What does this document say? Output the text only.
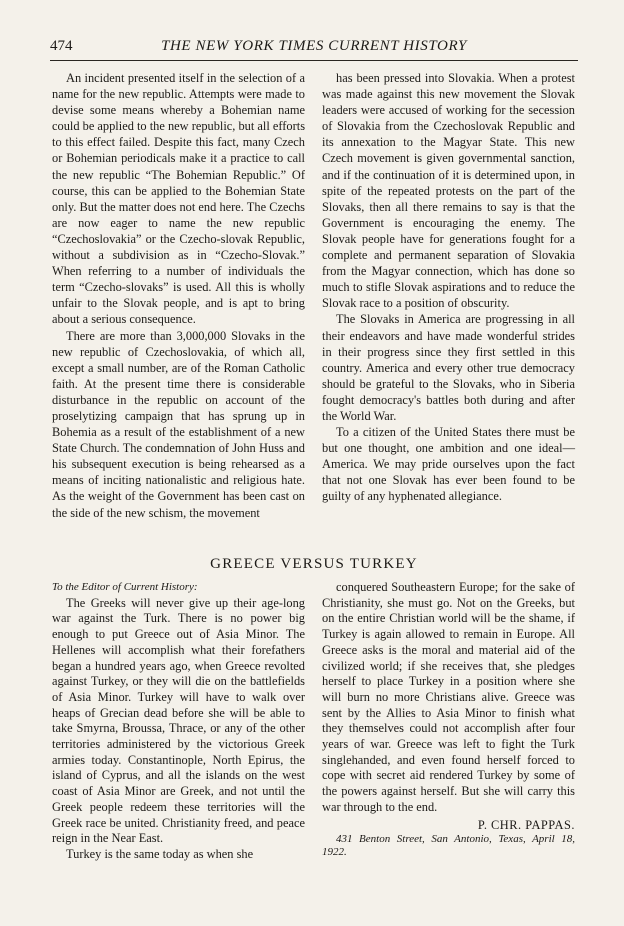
474	THE NEW YORK TIMES CURRENT HISTORY

An incident presented itself in the selection of a name for the new republic. Attempts were made to devise some means whereby a Bohemian name could be applied to the new republic, but all efforts to this effect failed. Despite this fact, many Czech or Bohemian periodicals make it a practice to call the new republic “The Bohemian Republic.” Of course, this can be applied to the Bohemian State only. But the matter does not end here. The Czechs are now eager to name the new republic “Czechoslovakia” or the Czecho-slovak Republic, without a subdivision as in “Czecho-Slovak.” When referring to a number of individuals the term “Czecho-slovaks” is used. All this is wholly unfair to the Slovak people, and is apt to bring about a serious consequence.

There are more than 3,000,000 Slovaks in the new republic of Czechoslovakia, of which all, except a small number, are of the Roman Catholic faith. At the present time there is considerable disturbance in the republic on account of the proselytizing campaign that has sprung up in Bohemia as a result of the establishment of a new State Church. The condemnation of John Huss and his subsequent execution is being rehearsed as a means of inciting nationalistic and religious hate. As the weight of the Government has been cast on the side of the new schism, the movement

has been pressed into Slovakia. When a protest was made against this new movement the Slovak leaders were accused of working for the secession of Slovakia from the Czechoslovak Republic and its annexation to the Magyar State. This new Czech movement is given governmental sanction, and if the continuation of it is determined upon, in spite of the repeated protests on the part of the Slovaks, then all there remains to say is that the Government is encouraging the enemy. The Slovak people have for generations fought for a complete and permanent separation of Slovakia from the Magyar connection, which has done so much to stifle Slovak aspirations and to reduce the Slovak race to a position of obscurity.

The Slovaks in America are progressing in all their endeavors and have made wonderful strides in their progress since they first settled in this country. America and every other true democracy should be grateful to the Slovaks, who in Siberia fought democracy's battles both during and after the World War.

To a citizen of the United States there must be but one thought, one ambition and one ideal—America. We may pride ourselves upon the fact that not one Slovak has ever been found to be guilty of any hyphenated allegiance.

GREECE VERSUS TURKEY

To the Editor of Current History:

The Greeks will never give up their age-long war against the Turk. There is no power big enough to put Greece out of Asia Minor. The Hellenes will accomplish what their forefathers began a hundred years ago, when Greece revolted against Turkey, or they will die on the battlefields of Asia Minor. Turkey will have to walk over heaps of Grecian dead before she will be able to take Smyrna, Broussa, Thrace, or any of the other territories administered by the victorious Greek armies today. Constantinople, North Epirus, the island of Cyprus, and all the islands on the west coast of Asia Minor are Greek, and not until the Greek people redeem these territories will the Greek race be united. Christianity freed, and peace reign in the Near East.

Turkey is the same today as when she

conquered Southeastern Europe; for the sake of Christianity, she must go. Not on the Greeks, but on the entire Christian world will be the shame, if Turkey is again allowed to remain in Europe. All Greece asks is the moral and material aid of the civilized world; if she receives that, she pledges herself to place Turkey in a position where she will burn no more Christians alive. Greece was sent by the Allies to Asia Minor to finish what they themselves could not accomplish after four years of war. Greece was left to fight the Turk singlehanded, and even found herself forced to cope with secret aid rendered Turkey by some of the powers against herself. But she will carry this war through to the end.

P. CHR. PAPPAS.

431 Benton Street, San Antonio, Texas, April 18, 1922.
